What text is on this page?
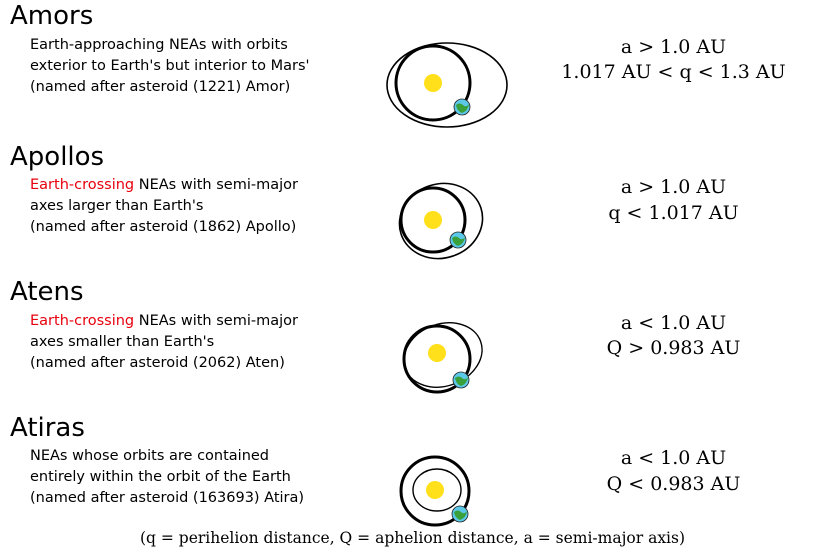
Amors
Earth-approaching NEAs with orbits
exterior to Earth's but interior to Mars'
(named after asteroid (1221) Amor)
a > 1.0 AU
1.017 AU < q < 1.3 AU
Apollos
Earth-crossing NEAs with semi-major
axes larger than Earth's
(named after asteroid (1862) Apollo)
a > 1.0 AU
q < 1.017 AU
Atens
Earth-crossing NEAs with semi-major
axes smaller than Earth's
(named after asteroid (2062) Aten)
a < 1.0 AU
Q > 0.983 AU
Atiras
NEAs whose orbits are contained
entirely within the orbit of the Earth
(named after asteroid (163693) Atira)
a < 1.0 AU
Q < 0.983 AU
(q = perihelion distance, Q = aphelion distance, a = semi-major axis)
